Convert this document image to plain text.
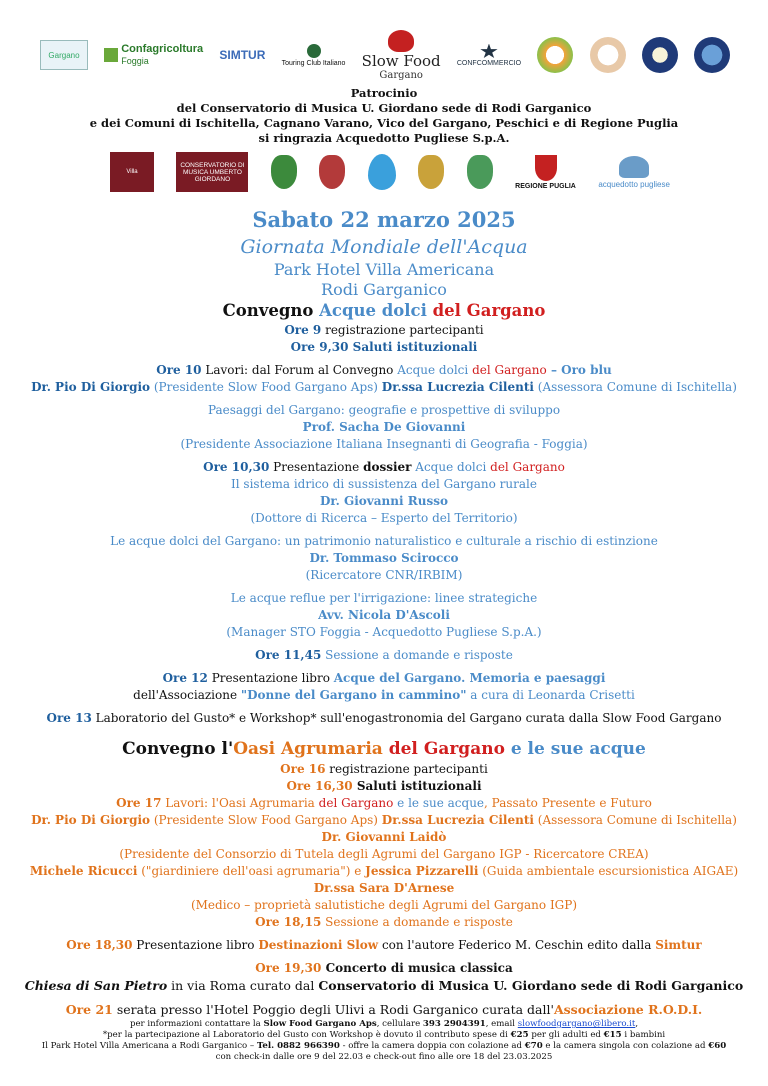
Gargano	Confagricoltura
Foggia	SIMTUR
Touring Club Italiano Slow Food
Gargano
CONFCOMMERCIO
Patrocinio
del Conservatorio di Musica U. Giordano sede di Rodi Garganico
e dei Comuni di Ischitella, Cagnano Varano, Vico del Gargano, Peschici e di Regione Puglia
si ringrazia Acquedotto Pugliese S.p.A.
Villa
CONSERVATORIO DI MUSICA UMBERTO GIORDANO
REGIONE PUGLIA	acquedotto pugliese
Sabato 22 marzo 2025
Giornata Mondiale dell'Acqua
Park Hotel Villa Americana
Rodi Garganico
Convegno Acque dolci del Gargano
Ore 9 registrazione partecipanti
Ore 9,30 Saluti istituzionali
Ore 10 Lavori: dal Forum al Convegno Acque dolci del Gargano – Oro blu
Dr. Pio Di Giorgio (Presidente Slow Food Gargano Aps) Dr.ssa Lucrezia Cilenti (Assessora Comune di Ischitella)
Paesaggi del Gargano: geografie e prospettive di sviluppo
Prof. Sacha De Giovanni
(Presidente Associazione Italiana Insegnanti di Geografia - Foggia)
Ore 10,30 Presentazione dossier Acque dolci del Gargano
Il sistema idrico di sussistenza del Gargano rurale
Dr. Giovanni Russo
(Dottore di Ricerca – Esperto del Territorio)
Le acque dolci del Gargano: un patrimonio naturalistico e culturale a rischio di estinzione
Dr. Tommaso Scirocco
(Ricercatore CNR/IRBIM)
Le acque reflue per l'irrigazione: linee strategiche
Avv. Nicola D'Ascoli
(Manager STO Foggia - Acquedotto Pugliese S.p.A.)
Ore 11,45 Sessione a domande e risposte
Ore 12 Presentazione libro Acque del Gargano. Memoria e paesaggi
dell'Associazione "Donne del Gargano in cammino" a cura di Leonarda Crisetti
Ore 13 Laboratorio del Gusto* e Workshop* sull'enogastronomia del Gargano curata dalla Slow Food Gargano
Convegno l'Oasi Agrumaria del Gargano e le sue acque
Ore 16 registrazione partecipanti
Ore 16,30 Saluti istituzionali
Ore 17 Lavori: l'Oasi Agrumaria del Gargano e le sue acque, Passato Presente e Futuro
Dr. Pio Di Giorgio (Presidente Slow Food Gargano Aps) Dr.ssa Lucrezia Cilenti (Assessora Comune di Ischitella)
Dr. Giovanni Laidò
(Presidente del Consorzio di Tutela degli Agrumi del Gargano IGP - Ricercatore CREA)
Michele Ricucci ("giardiniere dell'oasi agrumaria") e Jessica Pizzarelli (Guida ambientale escursionistica AIGAE)
Dr.ssa Sara D'Arnese
(Medico – proprietà salutistiche degli Agrumi del Gargano IGP)
Ore 18,15 Sessione a domande e risposte
Ore 18,30 Presentazione libro Destinazioni Slow con l'autore Federico M. Ceschin edito dalla Simtur
Ore 19,30 Concerto di musica classica
Chiesa di San Pietro in via Roma curato dal Conservatorio di Musica U. Giordano sede di Rodi Garganico
Ore 21 serata presso l'Hotel Poggio degli Ulivi a Rodi Garganico curata dall'Associazione R.O.D.I.
per informazioni contattare la Slow Food Gargano Aps, cellulare 393 2904391, email slowfoodgargano@libero.it,
*per la partecipazione al Laboratorio del Gusto con Workshop è dovuto il contributo spese di €25 per gli adulti ed €15 i bambini
Il Park Hotel Villa Americana a Rodi Garganico – Tel. 0882 966390 - offre la camera doppia con colazione ad €70 e la camera singola con colazione ad €60
con check-in dalle ore 9 del 22.03 e check-out fino alle ore 18 del 23.03.2025
